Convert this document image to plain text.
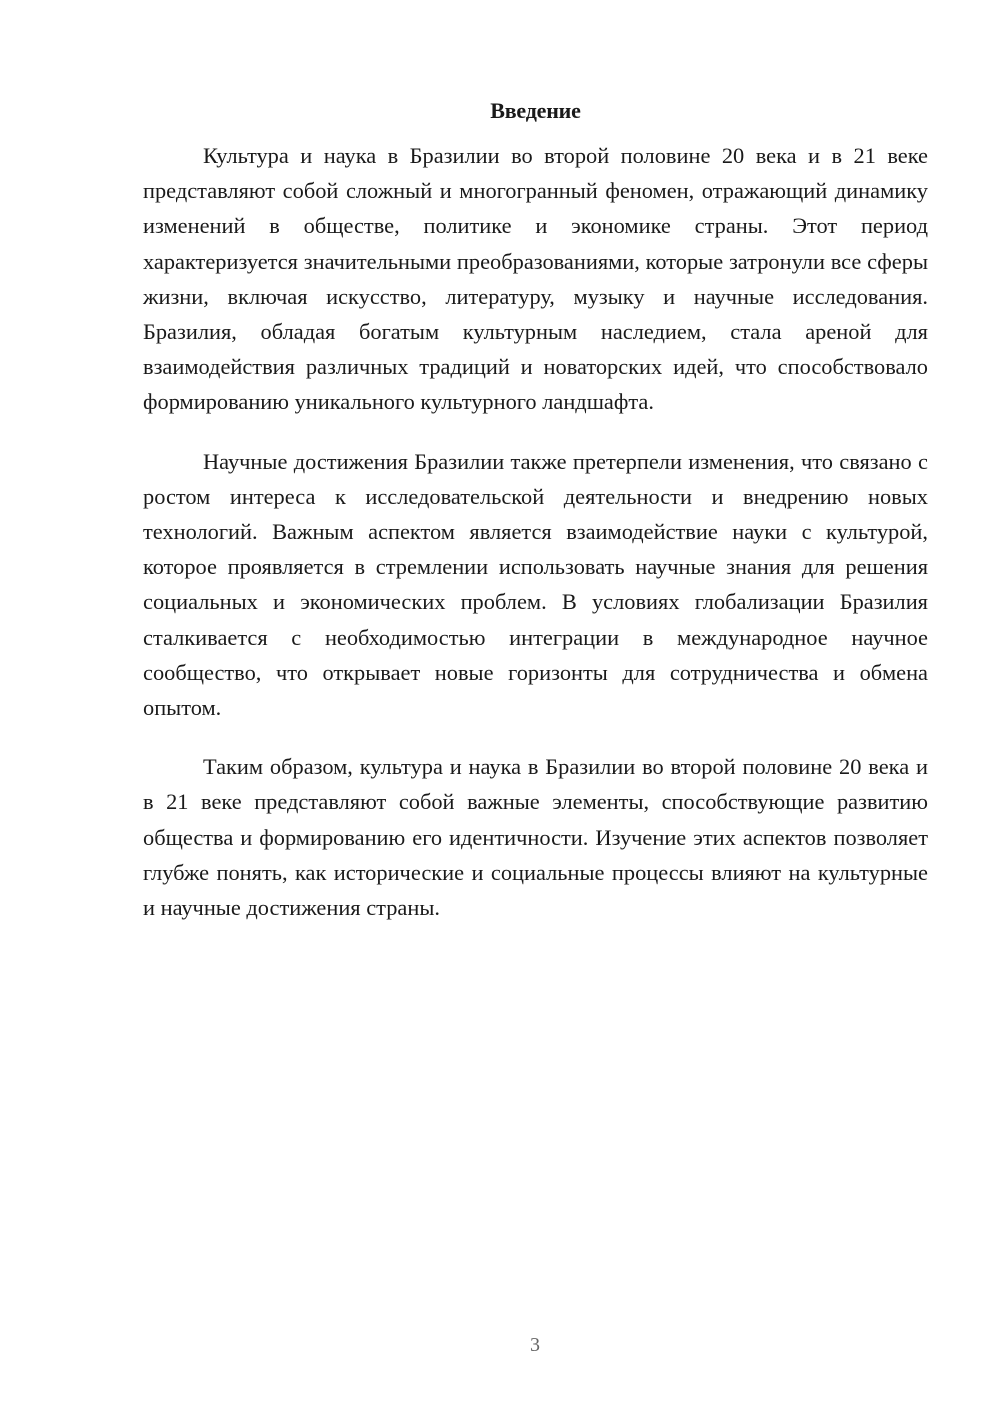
Введение

Культура и наука в Бразилии во второй половине 20 века и в 21 веке представляют собой сложный и многогранный феномен, отражающий динамику изменений в обществе, политике и экономике страны. Этот период характеризуется значительными преобразованиями, которые затронули все сферы жизни, включая искусство, литературу, музыку и научные исследования. Бразилия, обладая богатым культурным наследием, стала ареной для взаимодействия различных традиций и новаторских идей, что способствовало формированию уникального культурного ландшафта.

Научные достижения Бразилии также претерпели изменения, что связано с ростом интереса к исследовательской деятельности и внедрению новых технологий. Важным аспектом является взаимодействие науки с культурой, которое проявляется в стремлении использовать научные знания для решения социальных и экономических проблем. В условиях глобализации Бразилия сталкивается с необходимостью интеграции в международное научное сообщество, что открывает новые горизонты для сотрудничества и обмена опытом.

Таким образом, культура и наука в Бразилии во второй половине 20 века и в 21 веке представляют собой важные элементы, способствующие развитию общества и формированию его идентичности. Изучение этих аспектов позволяет глубже понять, как исторические и социальные процессы влияют на культурные и научные достижения страны.

3
